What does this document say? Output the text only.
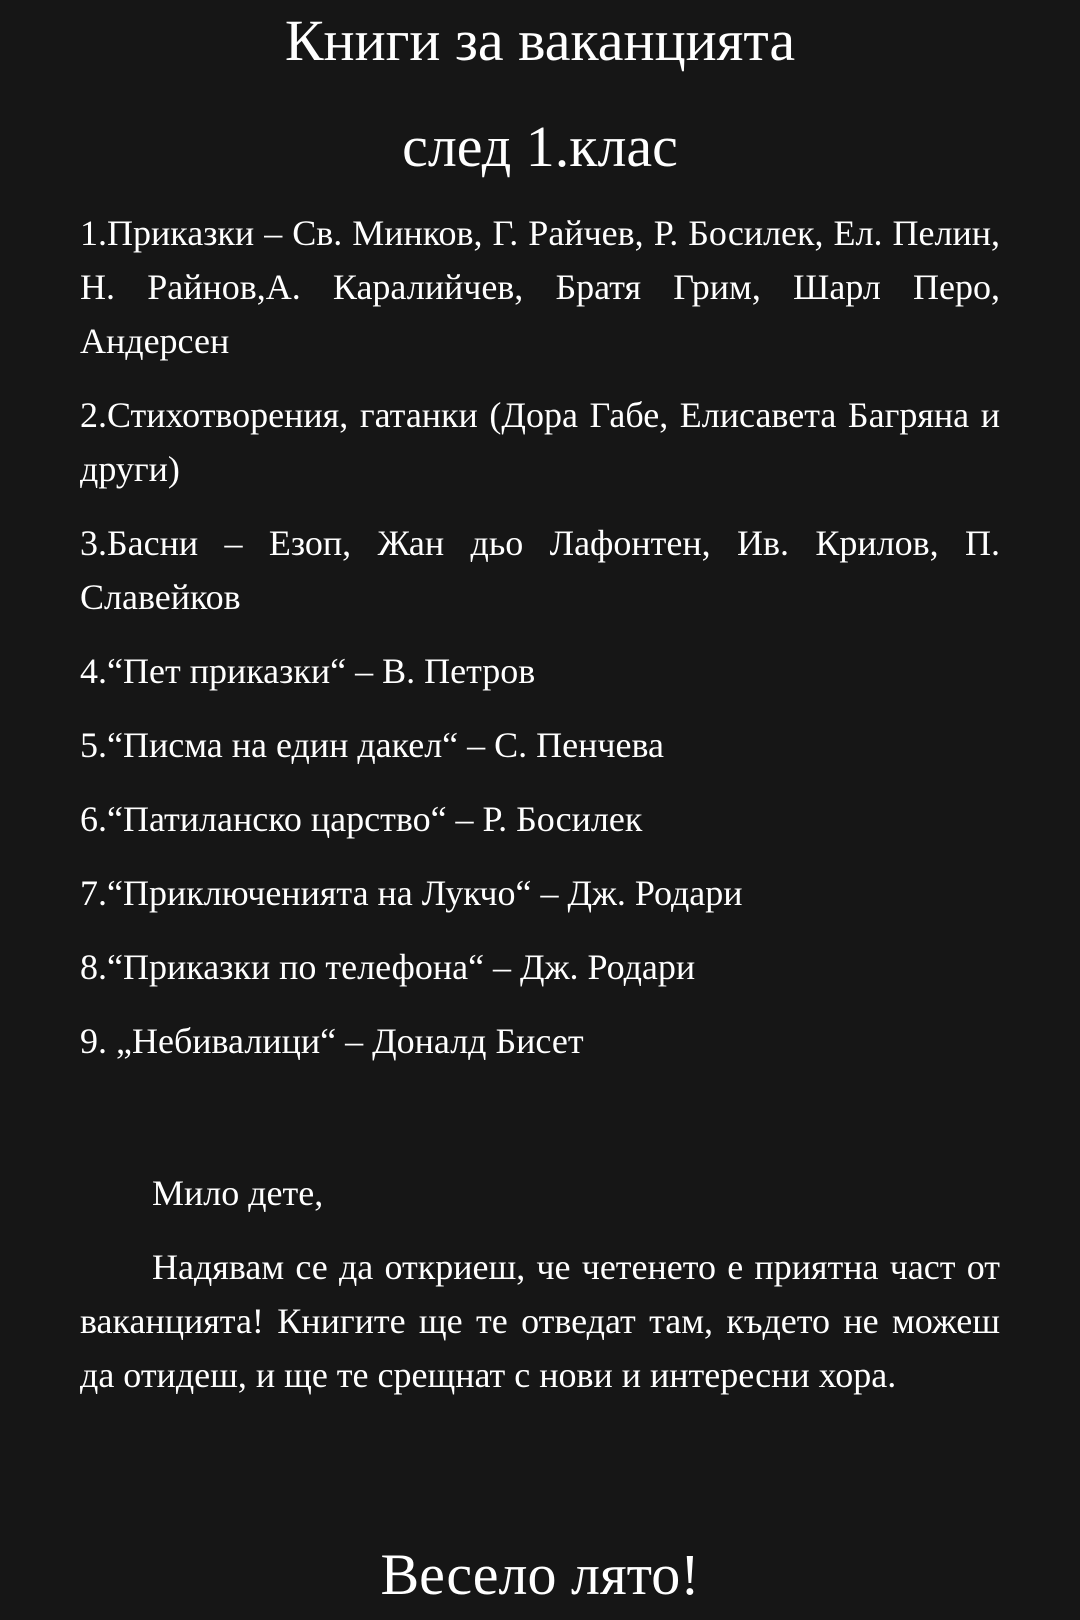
Книги за ваканцията
след 1.клас
1.Приказки – Св. Минков, Г. Райчев, Р. Босилек, Ел. Пелин, Н. Райнов,А. Каралийчев, Братя Грим, Шарл Перо, Андерсен
2.Стихотворения, гатанки (Дора Габе, Елисавета Багряна и други)
3.Басни – Езоп, Жан дьо Лафонтен, Ив. Крилов, П. Славейков
4.“Пет приказки“ – В. Петров
5.“Писма на един дакел“ – С. Пенчева
6.“Патиланско царство“ – Р. Босилек
7.“Приключенията на Лукчо“ – Дж. Родари
8.“Приказки по телефона“ – Дж. Родари
9. „Небивалици“ – Доналд Бисет

Мило дете,

Надявам се да откриеш, че четенето е приятна част от ваканцията! Книгите ще те отведат там, където не можеш да отидеш, и ще те срещнат с нови и интересни хора.

Весело лято!
